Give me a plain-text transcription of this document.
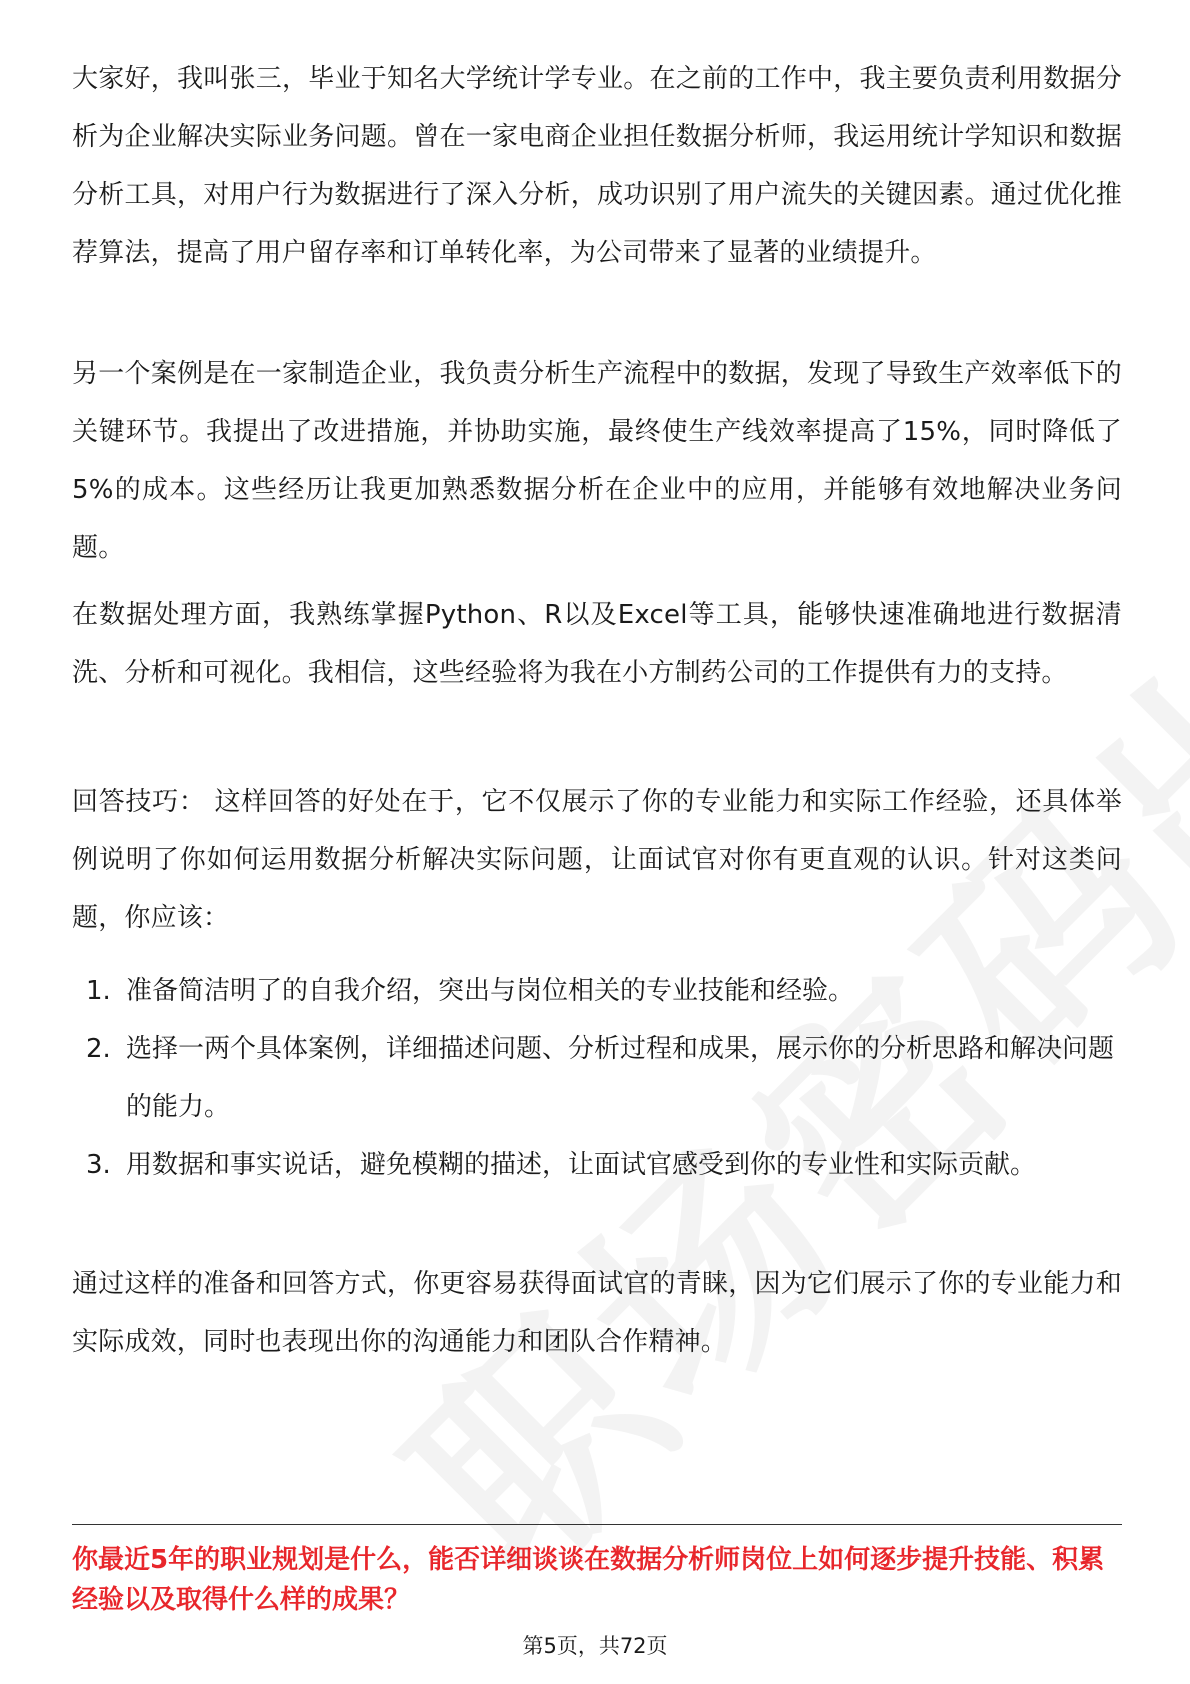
大家好，我叫张三，毕业于知名大学统计学专业。在之前的工作中，我主要负责利用数据分析为企业解决实际业务问题。曾在一家电商企业担任数据分析师，我运用统计学知识和数据分析工具，对用户行为数据进行了深入分析，成功识别了用户流失的关键因素。通过优化推荐算法，提高了用户留存率和订单转化率，为公司带来了显著的业绩提升。

另一个案例是在一家制造企业，我负责分析生产流程中的数据，发现了导致生产效率低下的关键环节。我提出了改进措施，并协助实施，最终使生产线效率提高了15%，同时降低了5%的成本。这些经历让我更加熟悉数据分析在企业中的应用，并能够有效地解决业务问题。

在数据处理方面，我熟练掌握Python、R以及Excel等工具，能够快速准确地进行数据清洗、分析和可视化。我相信，这些经验将为我在小方制药公司的工作提供有力的支持。

回答技巧： 这样回答的好处在于，它不仅展示了你的专业能力和实际工作经验，还具体举例说明了你如何运用数据分析解决实际问题，让面试官对你有更直观的认识。针对这类问题，你应该：

1. 准备简洁明了的自我介绍，突出与岗位相关的专业技能和经验。
2. 选择一两个具体案例，详细描述问题、分析过程和成果，展示你的分析思路和解决问题的能力。
3. 用数据和事实说话，避免模糊的描述，让面试官感受到你的专业性和实际贡献。

通过这样的准备和回答方式，你更容易获得面试官的青睐，因为它们展示了你的专业能力和实际成效，同时也表现出你的沟通能力和团队合作精神。

你最近5年的职业规划是什么，能否详细谈谈在数据分析师岗位上如何逐步提升技能、积累经验以及取得什么样的成果？

第5页，共72页
